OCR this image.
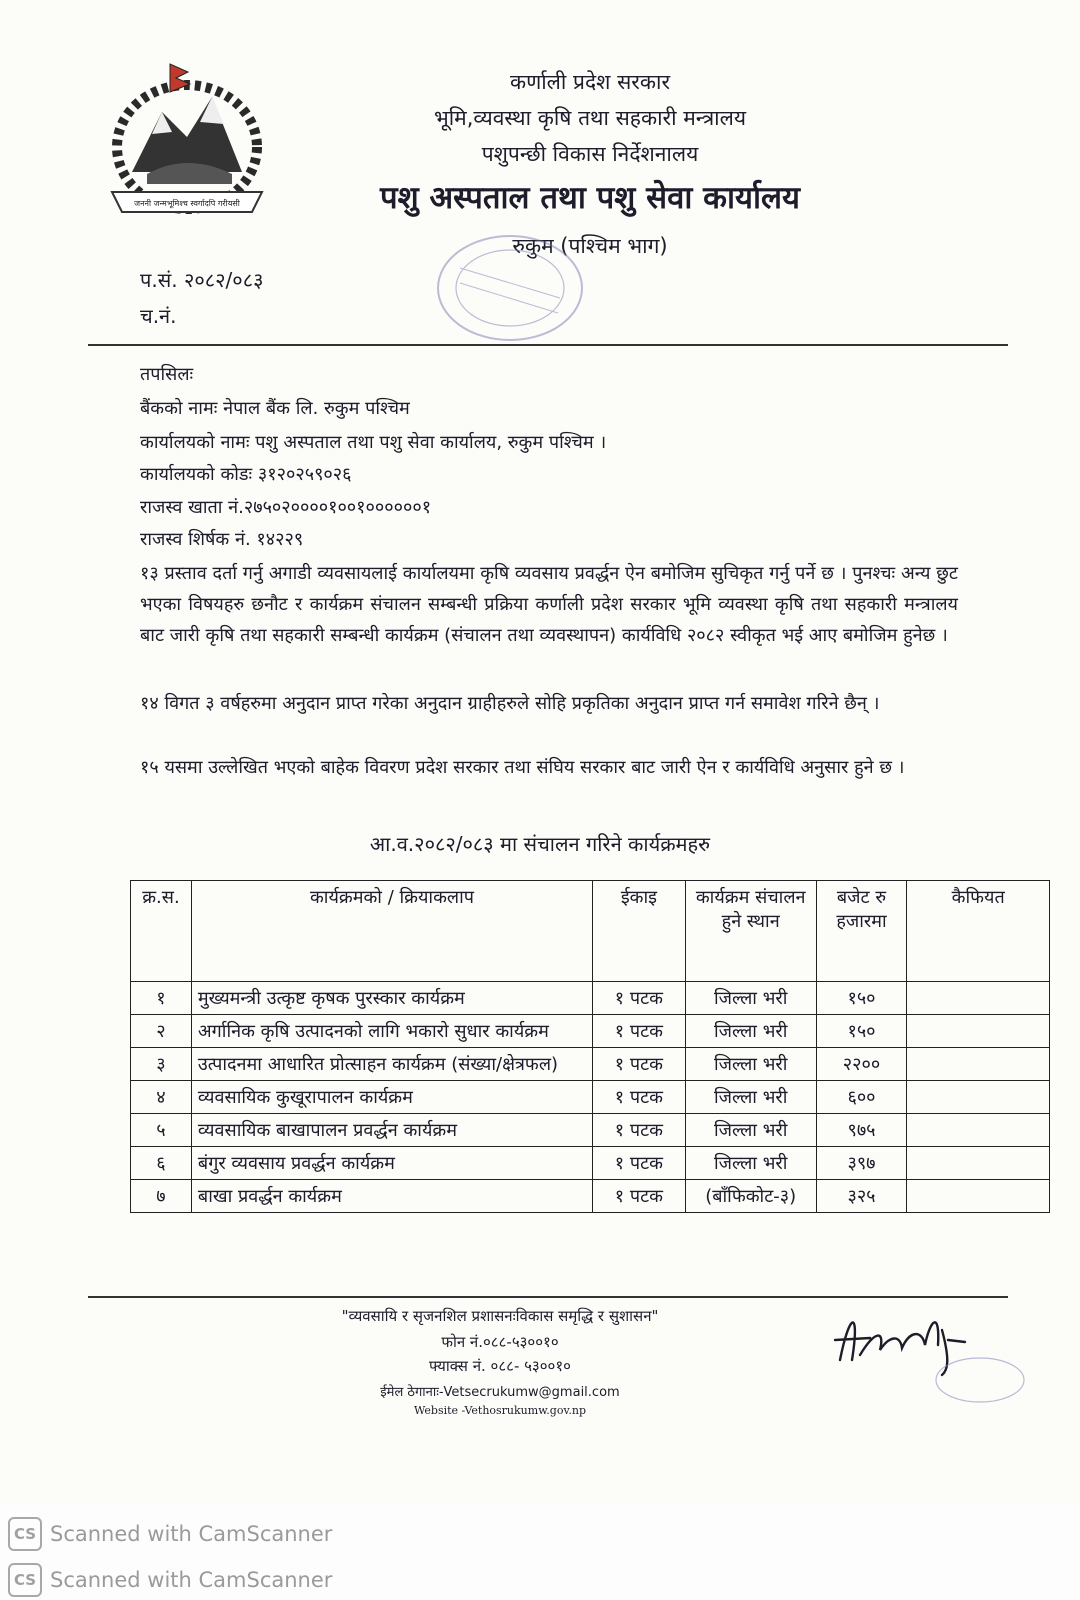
जननी जन्मभूमिश्च स्वर्गादपि गरीयसी
कर्णाली प्रदेश सरकार
भूमि,व्यवस्था कृषि तथा सहकारी मन्त्रालय
पशुपन्छी विकास निर्देशनालय
पशु अस्पताल तथा पशु सेवा कार्यालय
रुकुम (पश्चिम भाग)
प.सं. २०८२/०८३
च.नं.
तपसिलः
बैंकको नामः नेपाल बैंक लि. रुकुम पश्चिम
कार्यालयको नामः पशु अस्पताल तथा पशु सेवा कार्यालय, रुकुम पश्चिम ।
कार्यालयको कोडः ३१२०२५९०२६
राजस्व खाता नं.२७५०२००००१००१००००००१
राजस्व शिर्षक नं. १४२२९
१३ प्रस्ताव दर्ता गर्नु अगाडी व्यवसायलाई कार्यालयमा कृषि व्यवसाय प्रवर्द्धन ऐन बमोजिम सुचिकृत गर्नु पर्ने छ । पुनश्चः अन्य छुट भएका विषयहरु छनौट र कार्यक्रम संचालन सम्बन्धी प्रक्रिया कर्णाली प्रदेश सरकार भूमि व्यवस्था कृषि तथा सहकारी मन्त्रालय बाट जारी कृषि तथा सहकारी सम्बन्धी कार्यक्रम (संचालन तथा व्यवस्थापन) कार्यविधि २०८२ स्वीकृत भई आए बमोजिम हुनेछ ।
१४ विगत ३ वर्षहरुमा अनुदान प्राप्त गरेका अनुदान ग्राहीहरुले सोहि प्रकृतिका अनुदान प्राप्त गर्न समावेश गरिने छैन् ।
१५ यसमा उल्लेखित भएको बाहेक विवरण प्रदेश सरकार तथा संघिय सरकार बाट जारी ऐन र कार्यविधि अनुसार हुने छ ।
आ.व.२०८२/०८३ मा संचालन गरिने कार्यक्रमहरु
क्र.स.	कार्यक्रमको / क्रियाकलाप	ईकाइ	कार्यक्रम संचालन हुने स्थान	बजेट रु हजारमा	कैफियत
१	मुख्यमन्त्री उत्कृष्ट कृषक पुरस्कार कार्यक्रम	१ पटक	जिल्ला भरी	१५०	
२	अर्गानिक कृषि उत्पादनको लागि भकारो सुधार कार्यक्रम	१ पटक	जिल्ला भरी	१५०	
३	उत्पादनमा आधारित प्रोत्साहन कार्यक्रम (संख्या/क्षेत्रफल)	१ पटक	जिल्ला भरी	२२००	
४	व्यवसायिक कुखूरापालन कार्यक्रम	१ पटक	जिल्ला भरी	६००	
५	व्यवसायिक बाखापालन प्रवर्द्धन कार्यक्रम	१ पटक	जिल्ला भरी	९७५	
६	बंगुर व्यवसाय प्रवर्द्धन कार्यक्रम	१ पटक	जिल्ला भरी	३९७	
७	बाखा प्रवर्द्धन कार्यक्रम	१ पटक	(बाँफिकोट-३)	३२५	
"व्यवसायि र सृजनशिल प्रशासनःविकास समृद्धि र सुशासन"
फोन नं.०८८-५३००१०
फ्याक्स नं. ०८८- ५३००१०
ईमेल ठेगानाः-Vetsecrukumw@gmail.com
Website -Vethosrukumw.gov.np
CS Scanned with CamScanner
CS Scanned with CamScanner
